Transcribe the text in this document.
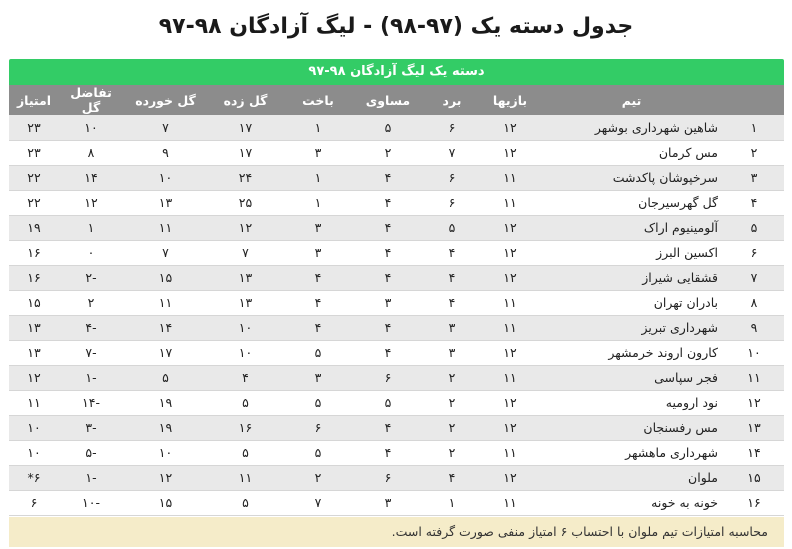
جدول دسته یک (۹۷-۹۸) - لیگ آزادگان ۹۸-۹۷
دسته یک لیگ آزادگان ۹۸-۹۷
	تیم	بازیها	برد	مساوی	باخت	گل زده	گل خورده	تفاضل گل	امتیاز
۱	شاهین شهرداری بوشهر	۱۲	۶	۵	۱	۱۷	۷	۱۰	۲۳
۲	مس کرمان	۱۲	۷	۲	۳	۱۷	۹	۸	۲۳
۳	سرخپوشان پاکدشت	۱۱	۶	۴	۱	۲۴	۱۰	۱۴	۲۲
۴	گل گهرسیرجان	۱۱	۶	۴	۱	۲۵	۱۳	۱۲	۲۲
۵	آلومینیوم اراک	۱۲	۵	۴	۳	۱۲	۱۱	۱	۱۹
۶	اکسین البرز	۱۲	۴	۴	۳	۷	۷	۰	۱۶
۷	قشقایی شیراز	۱۲	۴	۴	۴	۱۳	۱۵	-۲	۱۶
۸	بادران تهران	۱۱	۴	۳	۴	۱۳	۱۱	۲	۱۵
۹	شهرداری تبریز	۱۱	۳	۴	۴	۱۰	۱۴	-۴	۱۳
۱۰	کارون اروند خرمشهر	۱۲	۳	۴	۵	۱۰	۱۷	-۷	۱۳
۱۱	فجر سپاسی	۱۱	۲	۶	۳	۴	۵	-۱	۱۲
۱۲	نود ارومیه	۱۲	۲	۵	۵	۵	۱۹	-۱۴	۱۱
۱۳	مس رفسنجان	۱۲	۲	۴	۶	۱۶	۱۹	-۳	۱۰
۱۴	شهرداری ماهشهر	۱۱	۲	۴	۵	۵	۱۰	-۵	۱۰
۱۵	ملوان	۱۲	۴	۶	۲	۱۱	۱۲	-۱	۶*
۱۶	خونه به خونه	۱۱	۱	۳	۷	۵	۱۵	-۱۰	۶
محاسبه امتیازات تیم ملوان با احتساب ۶ امتیاز منفی صورت گرفته است.
